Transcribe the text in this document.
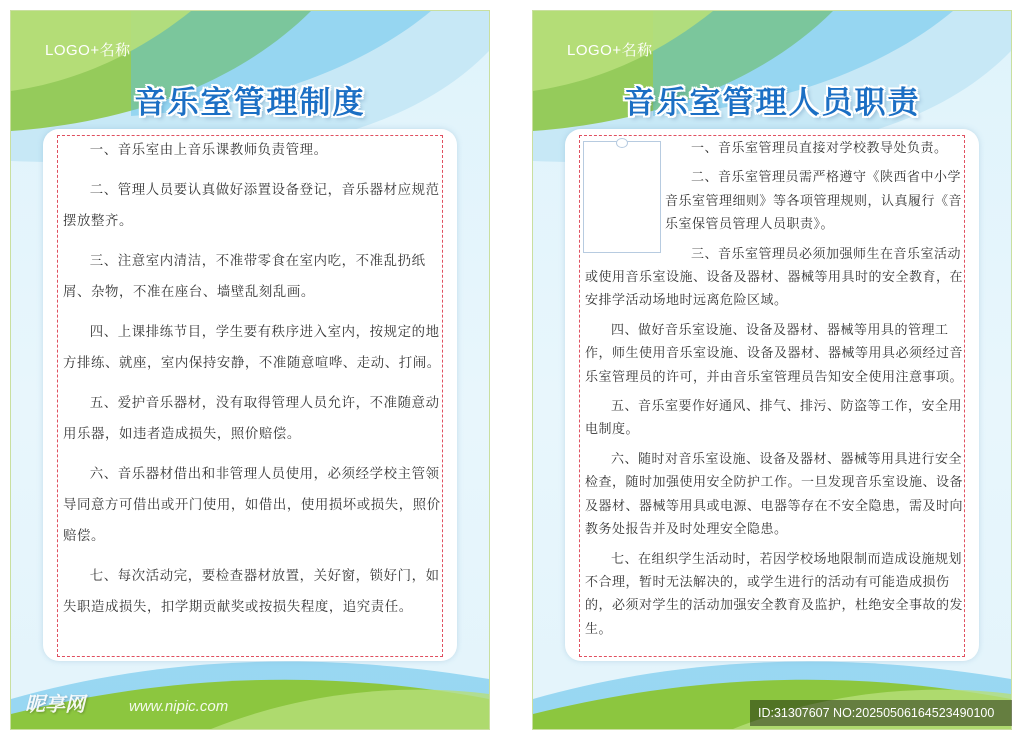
LOGO+名称
音乐室管理制度

一、音乐室由上音乐课教师负责管理。

二、管理人员要认真做好添置设备登记，音乐器材应规范摆放整齐。

三、注意室内清洁，不准带零食在室内吃，不准乱扔纸屑、杂物，不准在座台、墙壁乱刻乱画。

四、上课排练节目，学生要有秩序进入室内，按规定的地方排练、就座，室内保持安静，不准随意喧哗、走动、打闹。

五、爱护音乐器材，没有取得管理人员允许，不准随意动用乐器，如违者造成损失，照价赔偿。

六、音乐器材借出和非管理人员使用，必须经学校主管领导同意方可借出或开门使用，如借出，使用损坏或损失，照价赔偿。

七、每次活动完，要检查器材放置，关好窗，锁好门，如失职造成损失，扣学期贡献奖或按损失程度，追究责任。

昵享网	www.nipic.com
LOGO+名称
音乐室管理人员职责

一、音乐室管理员直接对学校教导处负责。

二、音乐室管理员需严格遵守《陕西省中小学音乐室管理细则》等各项管理规则，认真履行《音乐室保管员管理人员职责》。

三、音乐室管理员必须加强师生在音乐室活动或使用音乐室设施、设备及器材、器械等用具时的安全教育，在安排学活动场地时远离危险区域。

四、做好音乐室设施、设备及器材、器械等用具的管理工作，师生使用音乐室设施、设备及器材、器械等用具必须经过音乐室管理员的许可，并由音乐室管理员告知安全使用注意事项。

五、音乐室要作好通风、排气、排污、防盗等工作，安全用电制度。

六、随时对音乐室设施、设备及器材、器械等用具进行安全检查，随时加强使用安全防护工作。一旦发现音乐室设施、设备及器材、器械等用具或电源、电器等存在不安全隐患，需及时向教务处报告并及时处理安全隐患。

七、在组织学生活动时，若因学校场地限制而造成设施规划不合理，暂时无法解决的，或学生进行的活动有可能造成损伤的，必须对学生的活动加强安全教育及监护，杜绝安全事故的发生。

ID:31307607 NO:20250506164523490100
